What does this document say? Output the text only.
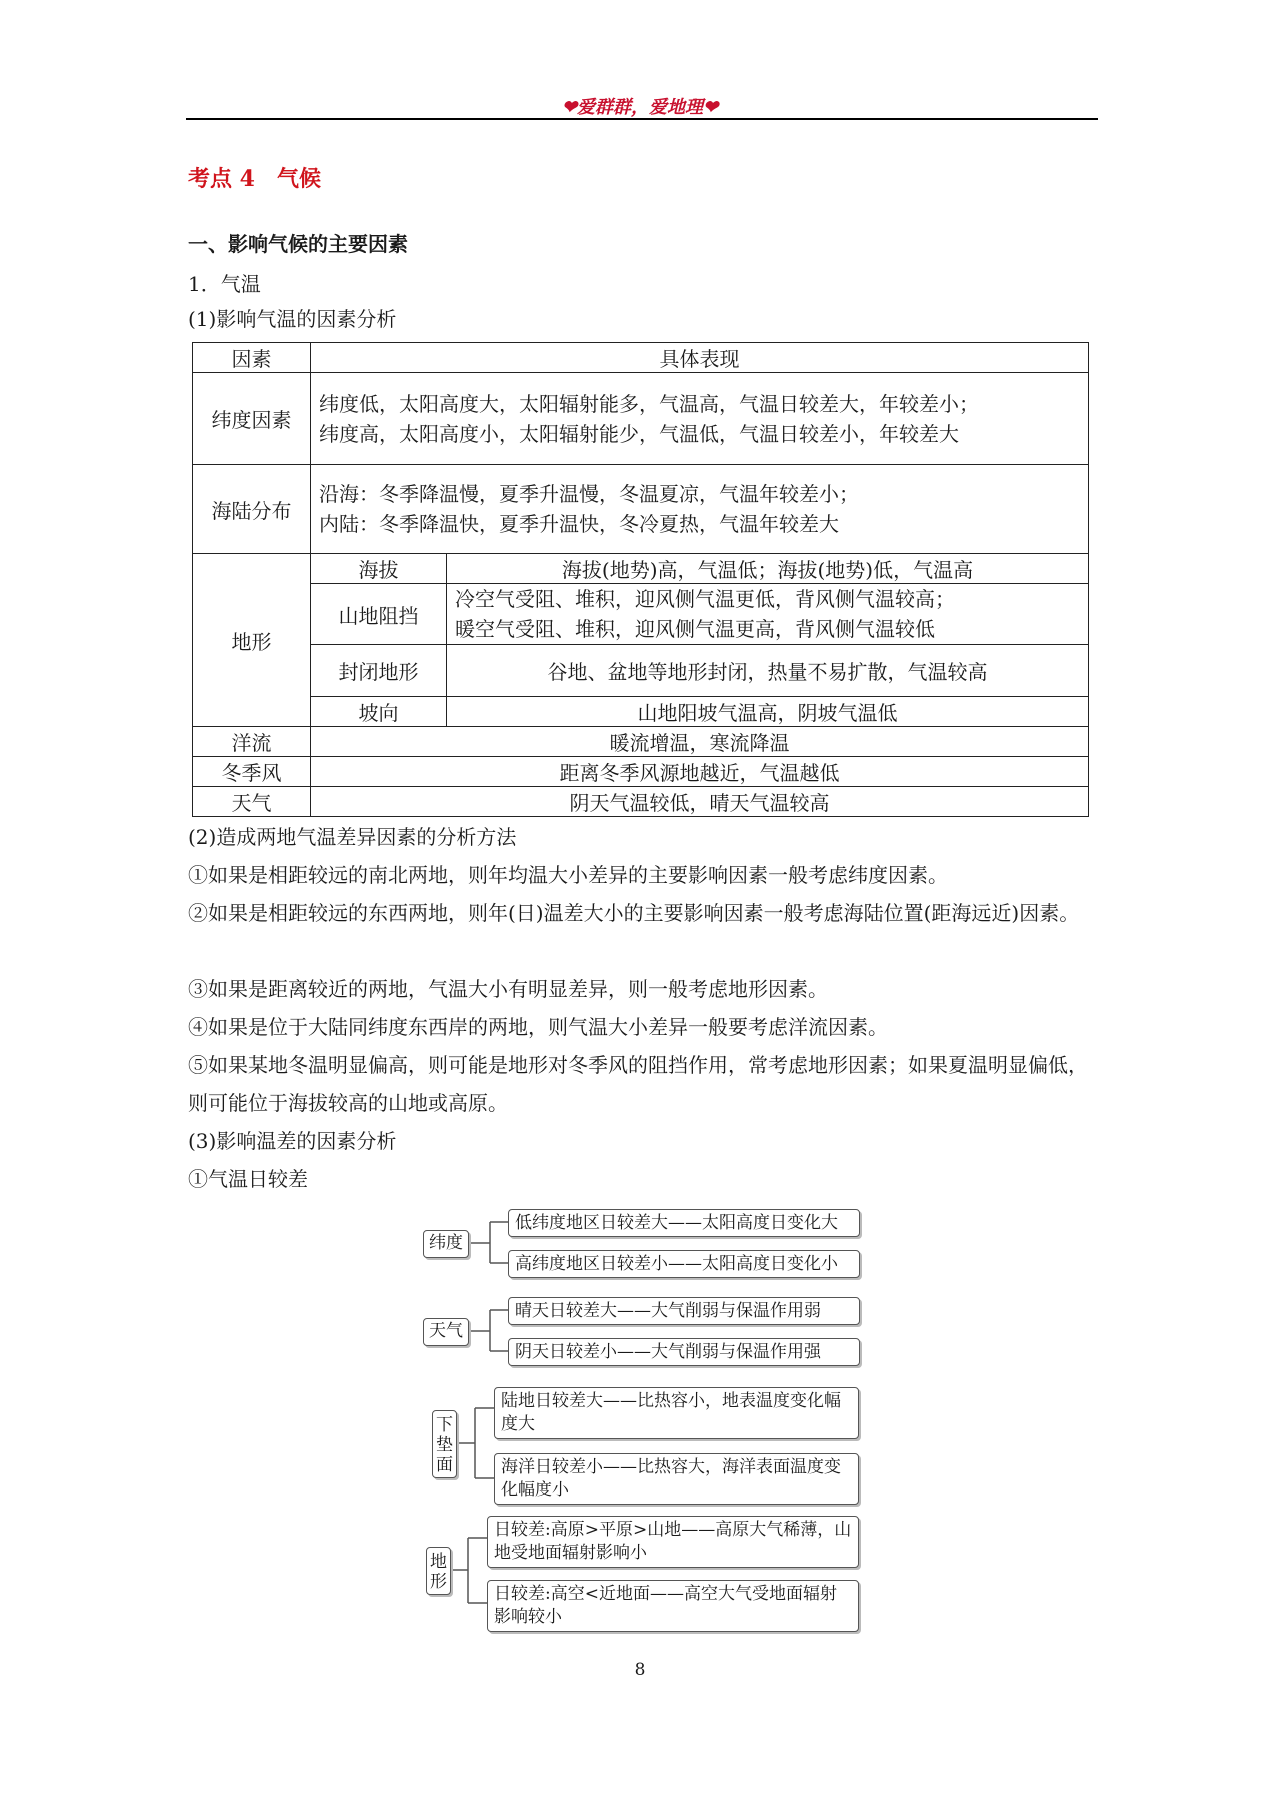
❤爱群群，爱地理❤
考点 4　气候
一、影响气候的主要因素
1．气温
(1)影响气温的因素分析
因素	具体表现	
纬度因素	纬度低，太阳高度大，太阳辐射能多，气温高，气温日较差大，年较差小；
纬度高，太阳高度小，太阳辐射能少，气温低，气温日较差小，年较差大	

海陆分布	沿海：冬季降温慢，夏季升温慢，冬温夏凉，气温年较差小；
内陆：冬季降温快，夏季升温快，冬冷夏热，气温年较差大	

地形	海拔	海拔(地势)高，气温低；海拔(地势)低，气温高
	山地阻挡	冷空气受阻、堆积，迎风侧气温更低，背风侧气温较高；
暖空气受阻、堆积，迎风侧气温更高，背风侧气温较低

	封闭地形	谷地、盆地等地形封闭，热量不易扩散，气温较高
	坡向	山地阳坡气温高，阴坡气温低
洋流	暖流增温，寒流降温	
冬季风	距离冬季风源地越近，气温越低	
天气	阴天气温较低，晴天气温较高	
(2)造成两地气温差异因素的分析方法
①如果是相距较远的南北两地，则年均温大小差异的主要影响因素一般考虑纬度因素。
②如果是相距较远的东西两地，则年(日)温差大小的主要影响因素一般考虑海陆位置(距海远近)因素。
③如果是距离较近的两地，气温大小有明显差异，则一般考虑地形因素。
④如果是位于大陆同纬度东西岸的两地，则气温大小差异一般要考虑洋流因素。
⑤如果某地冬温明显偏高，则可能是地形对冬季风的阻挡作用，常考虑地形因素；如果夏温明显偏低，则可能位于海拔较高的山地或高原。
(3)影响温差的因素分析
①气温日较差
纬度
低纬度地区日较差大——太阳高度日变化大
高纬度地区日较差小——太阳高度日变化小
天气
晴天日较差大——大气削弱与保温作用弱
阴天日较差小——大气削弱与保温作用强
下
垫
面
陆地日较差大——比热容小，地表温度变化幅度大
海洋日较差小——比热容大，海洋表面温度变化幅度小
地
形
日较差:高原>平原>山地——高原大气稀薄，山地受地面辐射影响小
日较差:高空<近地面——高空大气受地面辐射影响较小
8
